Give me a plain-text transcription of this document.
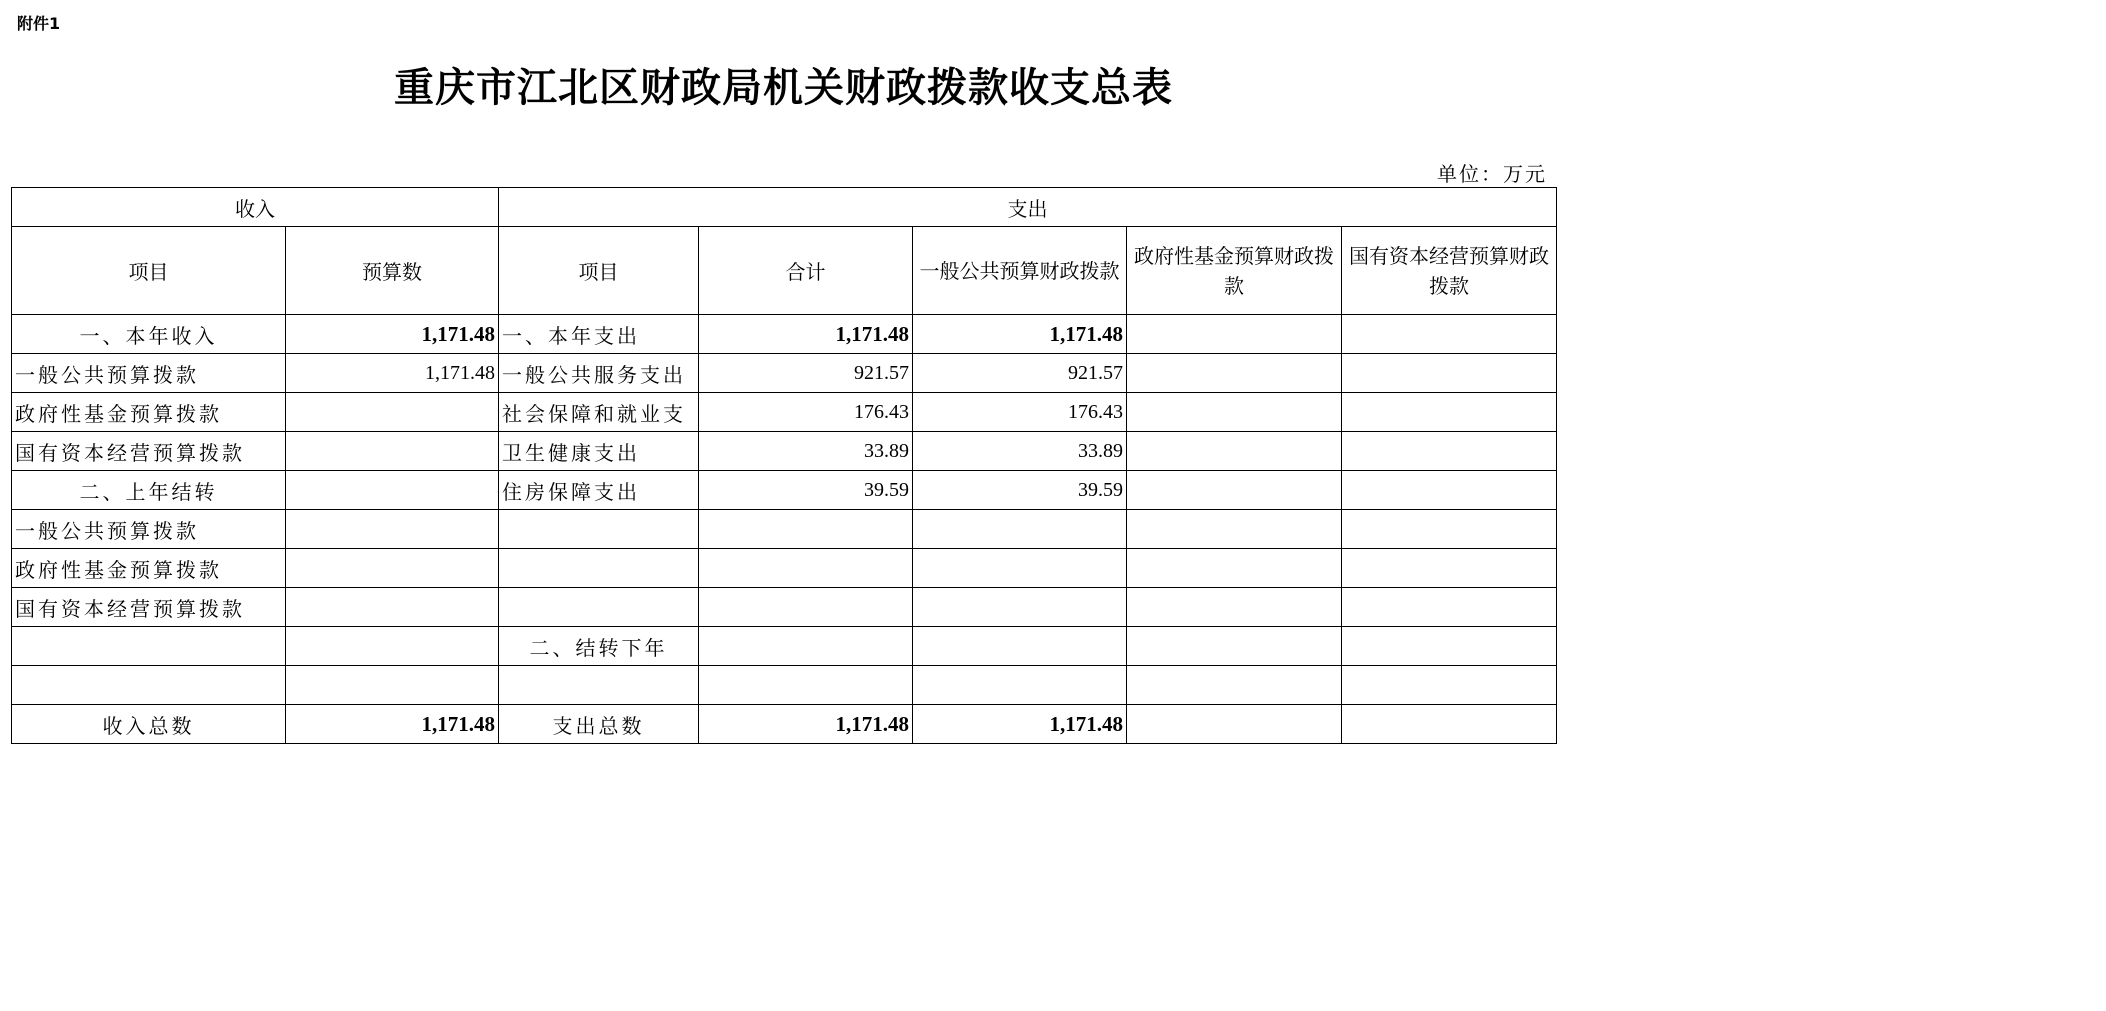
附件1
重庆市江北区财政局机关财政拨款收支总表
单位：万元
收入		支出				
项目	预算数	项目	合计	一般公共预算财政拨款	政府性基金预算财政拨款	国有资本经营预算财政拨款
一、本年收入	1,171.48	一、本年支出	1,171.48	1,171.48		
一般公共预算拨款	1,171.48	一般公共服务支出	921.57	921.57		
政府性基金预算拨款		社会保障和就业支	176.43	176.43		
国有资本经营预算拨款		卫生健康支出	33.89	33.89		
二、上年结转		住房保障支出	39.59	39.59		
一般公共预算拨款						
政府性基金预算拨款						
国有资本经营预算拨款						
		二、结转下年				

收入总数	1,171.48	支出总数	1,171.48	1,171.48		
